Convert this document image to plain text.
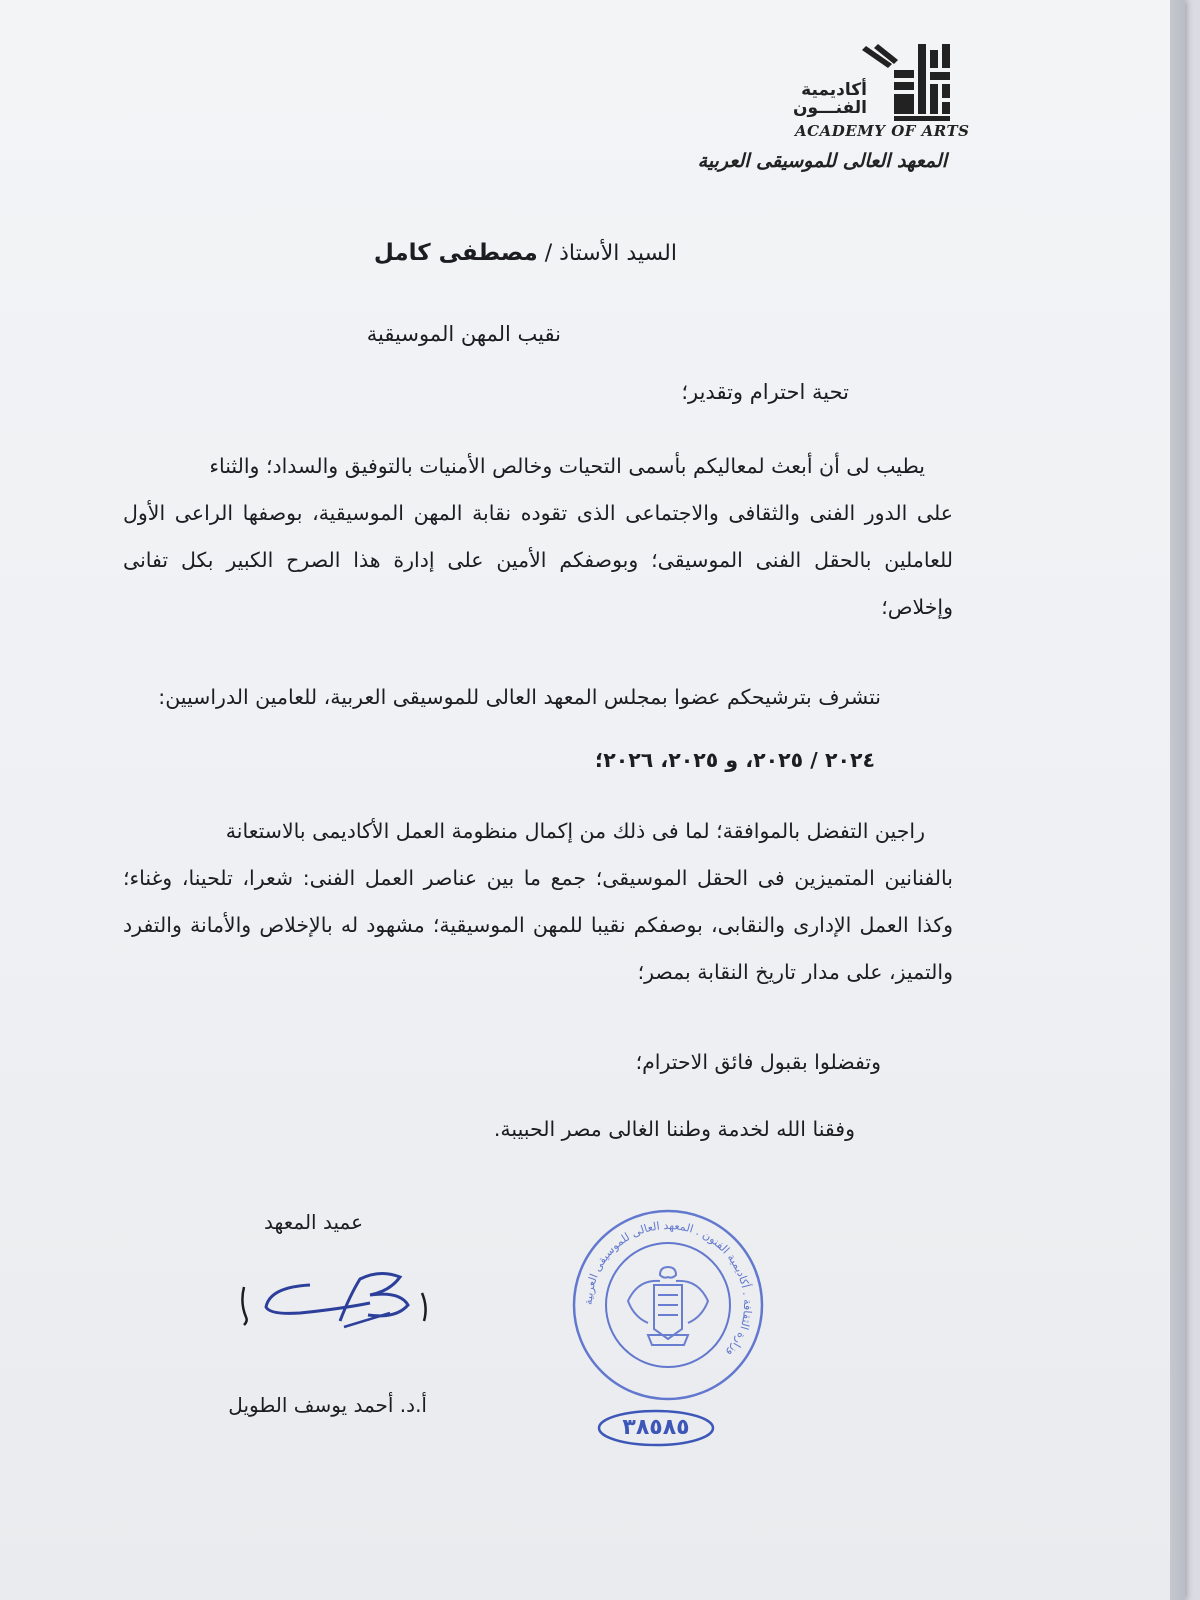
أكاديمية
الفنـــون
ACADEMY OF ARTS
المعهد العالى للموسيقى العربية
السيد الأستاذ / مصطفى كامل
نقيب المهن الموسيقية
تحية احترام وتقدير؛
يطيب لى أن أبعث لمعاليكم بأسمى التحيات وخالص الأمنيات بالتوفيق والسداد؛ والثناء
على الدور الفنى والثقافى والاجتماعى الذى تقوده نقابة المهن الموسيقية، بوصفها الراعى الأول للعاملين بالحقل الفنى الموسيقى؛ وبوصفكم الأمين على إدارة هذا الصرح الكبير بكل تفانى وإخلاص؛
نتشرف بترشيحكم عضوا بمجلس المعهد العالى للموسيقى العربية، للعامين الدراسيين:
٢٠٢٤ / ٢٠٢٥، و ٢٠٢٥، ٢٠٢٦؛
راجين التفضل بالموافقة؛ لما فى ذلك من إكمال منظومة العمل الأكاديمى بالاستعانة
بالفنانين المتميزين فى الحقل الموسيقى؛ جمع ما بين عناصر العمل الفنى: شعرا، تلحينا، وغناء؛ وكذا العمل الإدارى والنقابى، بوصفكم نقيبا للمهن الموسيقية؛ مشهود له بالإخلاص والأمانة والتفرد والتميز، على مدار تاريخ النقابة بمصر؛
وتفضلوا بقبول فائق الاحترام؛
وفقنا الله لخدمة وطننا الغالى مصر الحبيبة.
عميد المعهد
أ.د. أحمد يوسف الطويل
وزارة الثقافة . أكاديمية الفنون . المعهد العالى للموسيقى العربية
٣٨٥٨٥
